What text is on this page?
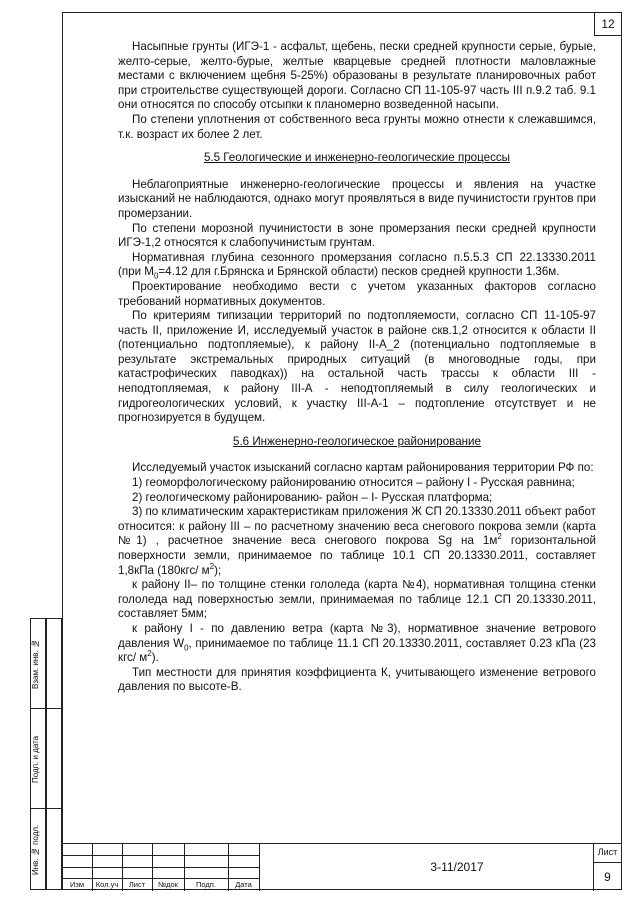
12

Насыпные грунты (ИГЭ-1 - асфальт, щебень, пески средней крупности серые, бурые, желто-серые, желто-бурые, желтые кварцевые средней плотности маловлажные местами с включением щебня 5-25%) образованы в результате планировочных работ при строительстве существующей дороги. Согласно СП 11-105-97 часть III п.9.2 таб. 9.1 они относятся по способу отсыпки к планомерно возведенной насыпи.

По степени уплотнения от собственного веса грунты можно отнести к слежавшимся, т.к. возраст их более 2 лет.

5.5 Геологические и инженерно-геологические процессы

Неблагоприятные инженерно-геологические процессы и явления на участке изысканий не наблюдаются, однако могут проявляться в виде пучинистости грунтов при промерзании.

По степени морозной пучинистости в зоне промерзания пески средней крупности ИГЭ-1,2 относятся к слабопучинистым грунтам.

Нормативная глубина сезонного промерзания согласно п.5.5.3 СП 22.13330.2011 (при $M_0=4.12$ для г.Брянска и Брянской области) песков средней крупности 1.36м.

Проектирование необходимо вести с учетом указанных факторов согласно требований нормативных документов.

По критериям типизации территорий по подтопляемости, согласно СП 11-105-97 часть II, приложение И, исследуемый участок в районе скв.1,2 относится к области II (потенциально подтопляемые), к району II-А_2 (потенциально подтопляемые в результате экстремальных природных ситуаций (в многоводные годы, при катастрофических паводках)) на остальной часть трассы к области III - неподтопляемая, к району III-А - неподтопляемый в силу геологических и гидрогеологических условий, к участку III-А-1 – подтопление отсутствует и не прогнозируется в будущем.

5.6 Инженерно-геологическое районирование

Исследуемый участок изысканий согласно картам районирования территории РФ по:

1) геоморфологическому районированию относится – району I - Русская равнина;

2) геологическому районированию- район – I- Русская платформа;

3) по климатическим характеристикам приложения Ж СП 20.13330.2011 объект работ относится: к району III – по расчетному значению веса снегового покрова земли (карта №1) , расчетное значение веса снегового покрова Sg на $1м^2$ горизонтальной поверхности земли, принимаемое по таблице 10.1 СП 20.13330.2011, составляет 1,8кПа (180кгс/ $м^2$);

к району II– по толщине стенки гололеда (карта №4), нормативная толщина стенки гололеда над поверхностью земли, принимаемая по таблице 12.1 СП 20.13330.2011, составляет 5мм;

к району I - по давлению ветра (карта №3), нормативное значение ветрового давления $W_0$, принимаемое по таблице 11.1 СП 20.13330.2011, составляет 0.23 кПа (23 кгс/ $м^2$).

Тип местности для принятия коэффициента К, учитывающего изменение ветрового давления по высоте-В.

Взам. инв. №
Подп. и дата
Инв. № подл.
Изм	Кол.уч	Лист	№док	Подп.	Дата
3-11/2017
Лист
9
